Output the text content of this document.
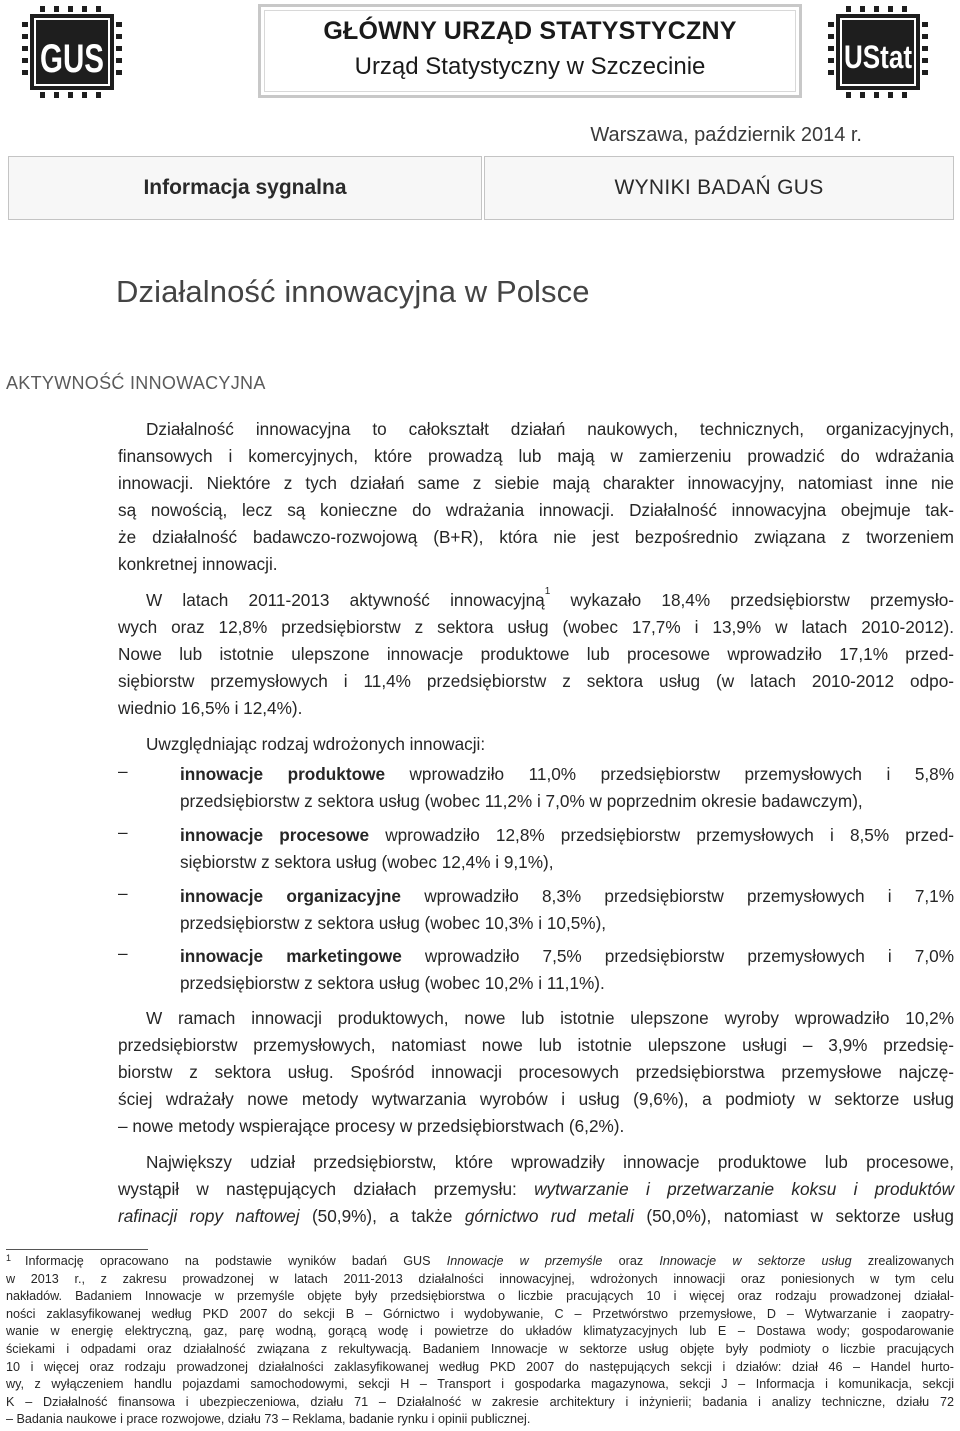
GUS
GŁÓWNY URZĄD STATYSTYCZNY
Urząd Statystyczny w Szczecinie	UStat
Warszawa, październik 2014 r.
Informacja sygnalna	WYNIKI BADAŃ GUS
Działalność innowacyjna w Polsce
AKTYWNOŚĆ INNOWACYJNA
Działalność innowacyjna to całokształt działań naukowych, technicznych, organizacyjnych,
finansowych i komercyjnych, które prowadzą lub mają w zamierzeniu prowadzić do wdrażania
innowacji. Niektóre z tych działań same z siebie mają charakter innowacyjny, natomiast inne nie
są nowością, lecz są konieczne do wdrażania innowacji. Działalność innowacyjna obejmuje tak-
że działalność badawczo-rozwojową (B+R), która nie jest bezpośrednio związana z tworzeniem
konkretnej innowacji.
W latach 2011-2013 aktywność innowacyjną$^1$ wykazało 18,4% przedsiębiorstw przemysło-
wych oraz 12,8% przedsiębiorstw z sektora usług (wobec 17,7% i 13,9% w latach 2010-2012).
Nowe lub istotnie ulepszone innowacje produktowe lub procesowe wprowadziło 17,1% przed-
siębiorstw przemysłowych i 11,4% przedsiębiorstw z sektora usług (w latach 2010-2012 odpo-
wiednio 16,5% i 12,4%).
Uwzględniając rodzaj wdrożonych innowacji:
–	innowacje produktowe wprowadziło 11,0% przedsiębiorstw przemysłowych i 5,8%
przedsiębiorstw z sektora usług (wobec 11,2% i 7,0% w poprzednim okresie badawczym),
–	innowacje procesowe wprowadziło 12,8% przedsiębiorstw przemysłowych i 8,5% przed-
siębiorstw z sektora usług (wobec 12,4% i 9,1%),
–	innowacje organizacyjne wprowadziło 8,3% przedsiębiorstw przemysłowych i 7,1%
przedsiębiorstw z sektora usług (wobec 10,3% i 10,5%),
–	innowacje marketingowe wprowadziło 7,5% przedsiębiorstw przemysłowych i 7,0%
przedsiębiorstw z sektora usług (wobec 10,2% i 11,1%).
W ramach innowacji produktowych, nowe lub istotnie ulepszone wyroby wprowadziło 10,2%
przedsiębiorstw przemysłowych, natomiast nowe lub istotnie ulepszone usługi – 3,9% przedsię-
biorstw z sektora usług. Spośród innowacji procesowych przedsiębiorstwa przemysłowe najczę-
ściej wdrażały nowe metody wytwarzania wyrobów i usług (9,6%), a podmioty w sektorze usług
– nowe metody wspierające procesy w przedsiębiorstwach (6,2%).
Największy udział przedsiębiorstw, które wprowadziły innowacje produktowe lub procesowe,
wystąpił w następujących działach przemysłu: wytwarzanie i przetwarzanie koksu i produktów
rafinacji ropy naftowej (50,9%), a także górnictwo rud metali (50,0%), natomiast w sektorze usług
$^1$ Informację opracowano na podstawie wyników badań GUS Innowacje w przemyśle oraz Innowacje w sektorze usług zrealizowanych
w 2013 r., z zakresu prowadzonej w latach 2011-2013 działalności innowacyjnej, wdrożonych innowacji oraz poniesionych w tym celu
nakładów. Badaniem Innowacje w przemyśle objęte były przedsiębiorstwa o liczbie pracujących 10 i więcej oraz rodzaju prowadzonej działal-
ności zaklasyfikowanej według PKD 2007 do sekcji B – Górnictwo i wydobywanie, C – Przetwórstwo przemysłowe, D – Wytwarzanie i zaopatry-
wanie w energię elektryczną, gaz, parę wodną, gorącą wodę i powietrze do układów klimatyzacyjnych lub E – Dostawa wody; gospodarowanie
ściekami i odpadami oraz działalność związana z rekultywacją. Badaniem Innowacje w sektorze usług objęte były podmioty o liczbie pracujących
10 i więcej oraz rodzaju prowadzonej działalności zaklasyfikowanej według PKD 2007 do następujących sekcji i działów: dział 46 – Handel hurto-
wy, z wyłączeniem handlu pojazdami samochodowymi, sekcji H – Transport i gospodarka magazynowa, sekcji J – Informacja i komunikacja, sekcji
K – Działalność finansowa i ubezpieczeniowa, działu 71 – Działalność w zakresie architektury i inżynierii; badania i analizy techniczne, działu 72
– Badania naukowe i prace rozwojowe, działu 73 – Reklama, badanie rynku i opinii publicznej.
